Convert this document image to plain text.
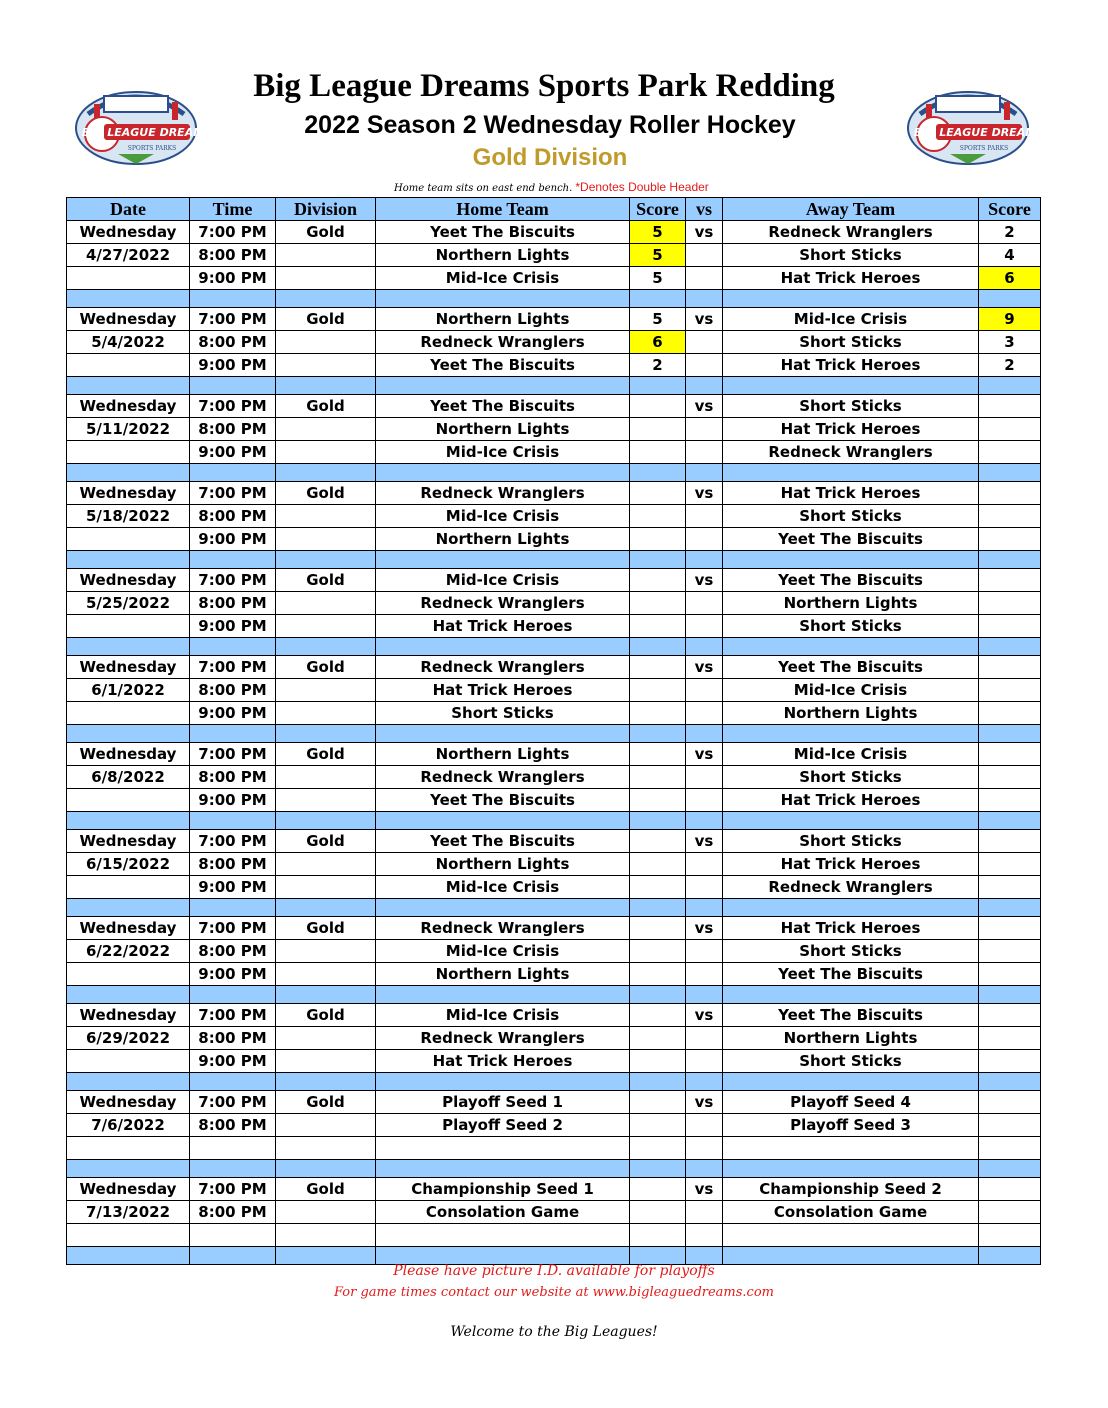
BIG LEAGUE DREAMS
SPORTS PARKS
BIG LEAGUE DREAMS
SPORTS PARKS
Big League Dreams Sports Park Redding
2022 Season 2 Wednesday Roller Hockey
Gold Division
Home team sits on east end bench. *Denotes Double Header
Date	Time	Division	Home Team	Score	vs	Away Team	Score
Wednesday	7:00 PM	Gold	Yeet The Biscuits	5	vs	Redneck Wranglers	2
4/27/2022	8:00 PM		Northern Lights	5		Short Sticks	4
	9:00 PM		Mid-Ice Crisis	5		Hat Trick Heroes	6

Wednesday	7:00 PM	Gold	Northern Lights	5	vs	Mid-Ice Crisis	9
5/4/2022	8:00 PM		Redneck Wranglers	6		Short Sticks	3
	9:00 PM		Yeet The Biscuits	2		Hat Trick Heroes	2

Wednesday	7:00 PM	Gold	Yeet The Biscuits		vs	Short Sticks	
5/11/2022	8:00 PM		Northern Lights			Hat Trick Heroes	
	9:00 PM		Mid-Ice Crisis			Redneck Wranglers	

Wednesday	7:00 PM	Gold	Redneck Wranglers		vs	Hat Trick Heroes	
5/18/2022	8:00 PM		Mid-Ice Crisis			Short Sticks	
	9:00 PM		Northern Lights			Yeet The Biscuits	

Wednesday	7:00 PM	Gold	Mid-Ice Crisis		vs	Yeet The Biscuits	
5/25/2022	8:00 PM		Redneck Wranglers			Northern Lights	
	9:00 PM		Hat Trick Heroes			Short Sticks	

Wednesday	7:00 PM	Gold	Redneck Wranglers		vs	Yeet The Biscuits	
6/1/2022	8:00 PM		Hat Trick Heroes			Mid-Ice Crisis	
	9:00 PM		Short Sticks			Northern Lights	

Wednesday	7:00 PM	Gold	Northern Lights		vs	Mid-Ice Crisis	
6/8/2022	8:00 PM		Redneck Wranglers			Short Sticks	
	9:00 PM		Yeet The Biscuits			Hat Trick Heroes	

Wednesday	7:00 PM	Gold	Yeet The Biscuits		vs	Short Sticks	
6/15/2022	8:00 PM		Northern Lights			Hat Trick Heroes	
	9:00 PM		Mid-Ice Crisis			Redneck Wranglers	

Wednesday	7:00 PM	Gold	Redneck Wranglers		vs	Hat Trick Heroes	
6/22/2022	8:00 PM		Mid-Ice Crisis			Short Sticks	
	9:00 PM		Northern Lights			Yeet The Biscuits	

Wednesday	7:00 PM	Gold	Mid-Ice Crisis		vs	Yeet The Biscuits	
6/29/2022	8:00 PM		Redneck Wranglers			Northern Lights	
	9:00 PM		Hat Trick Heroes			Short Sticks	

Wednesday	7:00 PM	Gold	Playoff Seed 1		vs	Playoff Seed 4	
7/6/2022	8:00 PM		Playoff Seed 2			Playoff Seed 3	

Wednesday	7:00 PM	Gold	Championship Seed 1		vs	Championship Seed 2	
7/13/2022	8:00 PM		Consolation Game			Consolation Game	

Please have picture I.D. available for playoffs
For game times contact our website at www.bigleaguedreams.com
Welcome to the Big Leagues!
